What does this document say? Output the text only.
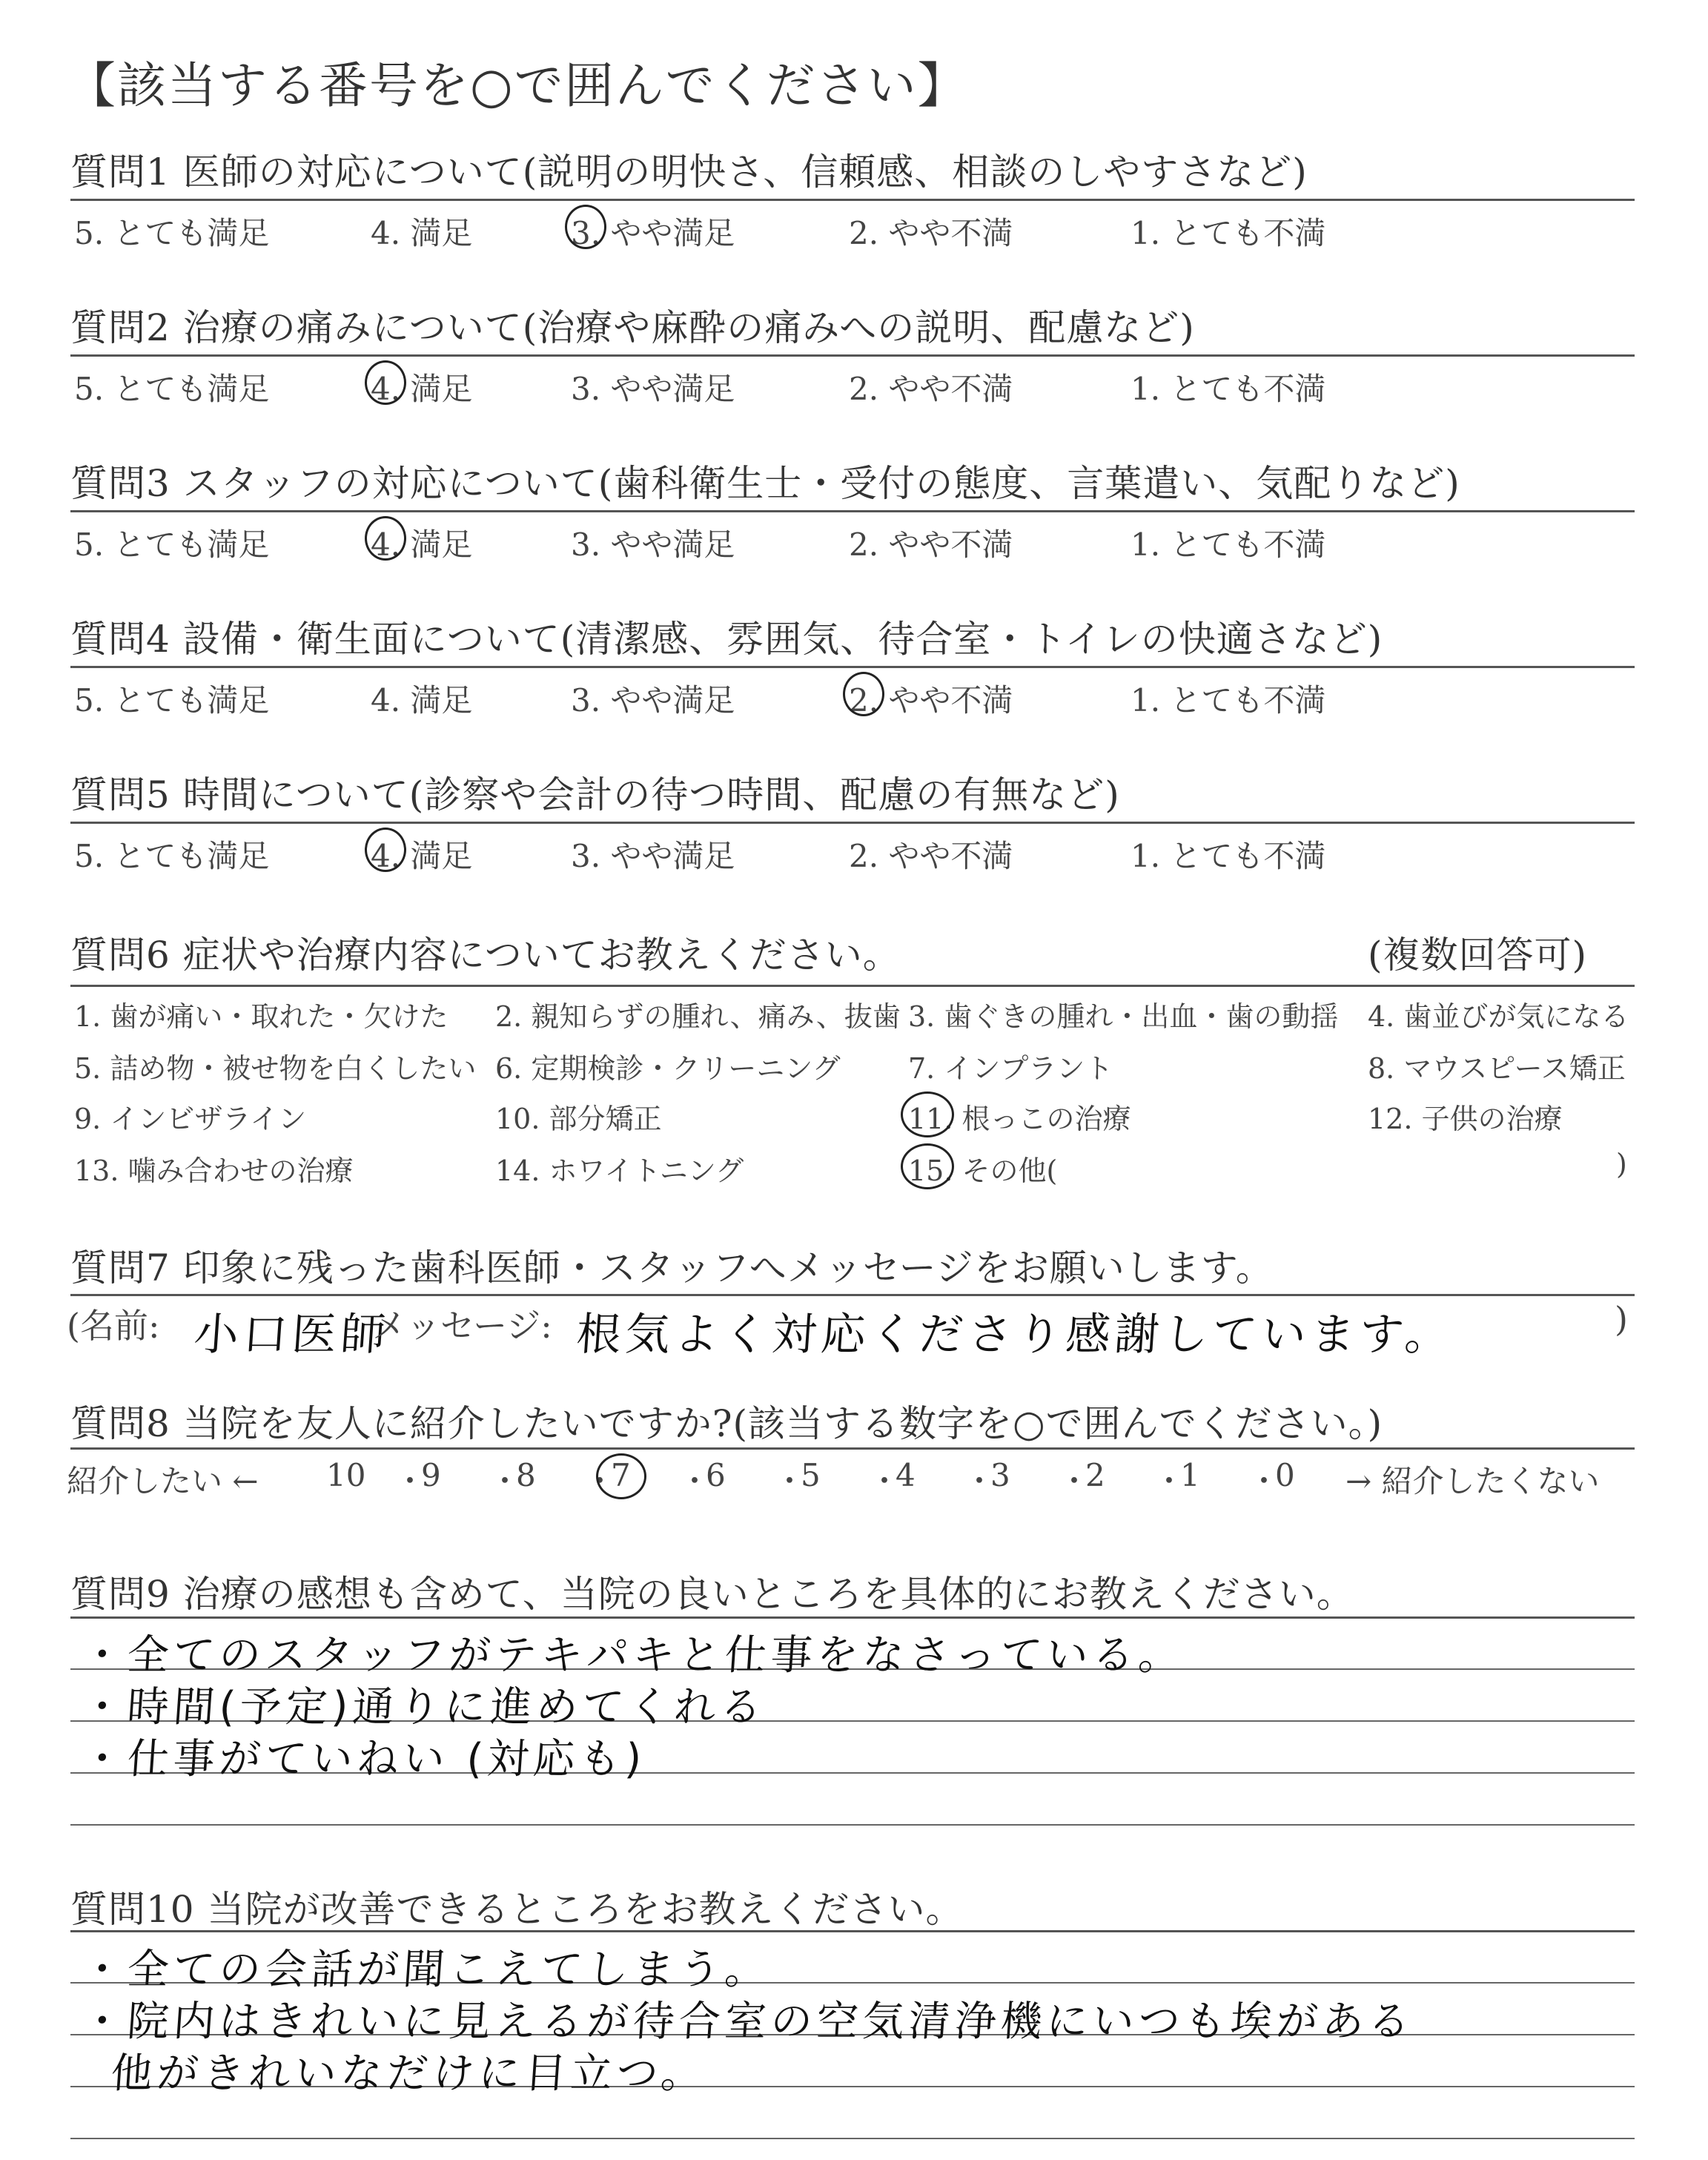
【該当する番号を○で囲んでください】
質問1 医師の対応について(説明の明快さ、信頼感、相談のしやすさなど)
5. とても満足	4. 満足	3. やや満足	2. やや不満	1. とても不満
質問2 治療の痛みについて(治療や麻酔の痛みへの説明、配慮など)
5. とても満足	4. 満足	3. やや満足	2. やや不満	1. とても不満
質問3 スタッフの対応について(歯科衛生士・受付の態度、言葉遣い、気配りなど)
5. とても満足	4. 満足	3. やや満足	2. やや不満	1. とても不満
質問4 設備・衛生面について(清潔感、雰囲気、待合室・トイレの快適さなど)
5. とても満足	4. 満足	3. やや満足	2. やや不満	1. とても不満
質問5 時間について(診察や会計の待つ時間、配慮の有無など)
5. とても満足	4. 満足	3. やや満足	2. やや不満	1. とても不満
質問6 症状や治療内容についてお教えください。	(複数回答可)
1. 歯が痛い・取れた・欠けた 2. 親知らずの腫れ、痛み、抜歯 3. 歯ぐきの腫れ・出血・歯の動揺 4. 歯並びが気になる
5. 詰め物・被せ物を白くしたい 6. 定期検診・クリーニング 7. インプラント	8. マウスピース矯正
9. インビザライン	10. 部分矯正	11. 根っこの治療	12. 子供の治療
13. 噛み合わせの治療	14. ホワイトニング	15. その他(	)
質問7 印象に残った歯科医師・スタッフへメッセージをお願いします。
(名前: 小口医師
メッセージ: 根気よく対応くださり感謝しています。	)
質問8 当院を友人に紹介したいですか?(該当する数字を○で囲んでください。)
紹介したい ← 10 ・
9 ・
8 ・
7 ・
6 ・
5 ・
4 ・
3 ・
2 ・
1 ・
0 → 紹介したくない
質問9 治療の感想も含めて、当院の良いところを具体的にお教えください。
・全てのスタッフがテキパキと仕事をなさっている。
・時間(予定)通りに進めてくれる
・仕事がていねい (対応も)
質問10 当院が改善できるところをお教えください。
・全ての会話が聞こえてしまう。
・院内はきれいに見えるが待合室の空気清浄機にいつも埃がある
他がきれいなだけに目立つ。
